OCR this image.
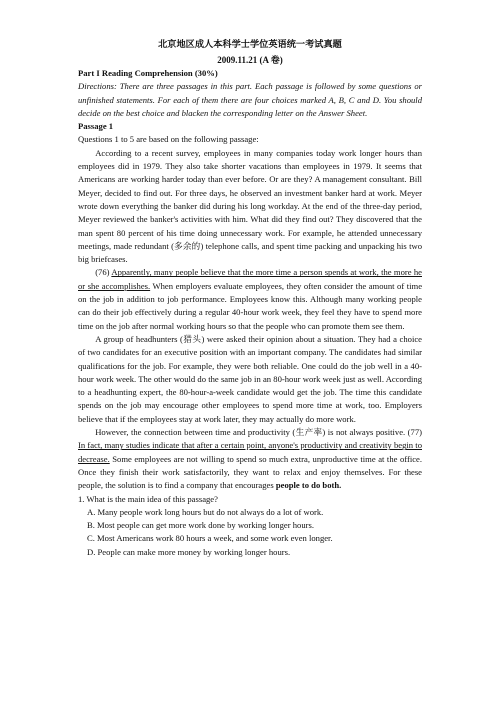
北京地区成人本科学士学位英语统一考试真题

2009.11.21 (A 卷)

Part I Reading Comprehension (30%)

Directions: There are three passages in this part. Each passage is followed by some questions or unfinished statements. For each of them there are four choices marked A, B, C and D. You should decide on the best choice and blacken the corresponding letter on the Answer Sheet.

Passage 1

Questions 1 to 5 are based on the following passage:

According to a recent survey, employees in many companies today work longer hours than employees did in 1979. They also take shorter vacations than employees in 1979. It seems that Americans are working harder today than ever before. Or are they? A management consultant. Bill Meyer, decided to find out. For three days, he observed an investment banker hard at work. Meyer wrote down everything the banker did during his long workday. At the end of the three-day period, Meyer reviewed the banker's activities with him. What did they find out? They discovered that the man spent 80 percent of his time doing unnecessary work. For example, he attended unnecessary meetings, made redundant (多余的) telephone calls, and spent time packing and unpacking his two big briefcases.

(76) Apparently, many people believe that the more time a person spends at work, the more he or she accomplishes. When employers evaluate employees, they often consider the amount of time on the job in addition to job performance. Employees know this. Although many working people can do their job effectively during a regular 40-hour work week, they feel they have to spend more time on the job after normal working hours so that the people who can promote them see them.

A group of headhunters (猎头) were asked their opinion about a situation. They had a choice of two candidates for an executive position with an important company. The candidates had similar qualifications for the job. For example, they were both reliable. One could do the job well in a 40-hour work week. The other would do the same job in an 80-hour work week just as well. According to a headhunting expert, the 80-hour-a-week candidate would get the job. The time this candidate spends on the job may encourage other employees to spend more time at work, too. Employers believe that if the employees stay at work later, they may actually do more work.

However, the connection between time and productivity (生产率) is not always positive. (77) In fact, many studies indicate that after a certain point, anyone's productivity and creativity begin to decrease. Some employees are not willing to spend so much extra, unproductive time at the office. Once they finish their work satisfactorily, they want to relax and enjoy themselves. For these people, the solution is to find a company that encourages people to do both.

1. What is the main idea of this passage?

A. Many people work long hours but do not always do a lot of work.

B. Most people can get more work done by working longer hours.

C. Most Americans work 80 hours a week, and some work even longer.

D. People can make more money by working longer hours.
